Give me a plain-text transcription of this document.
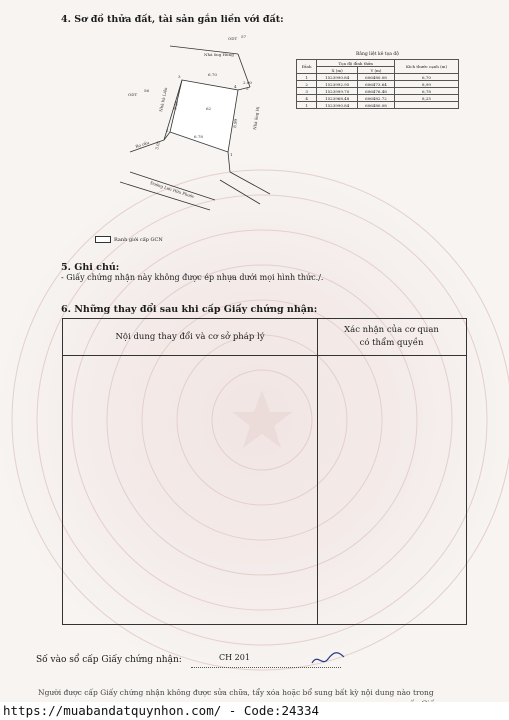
4. Sơ đồ thửa đất, tài sản gắn liền với đất:
ODT 57
Nhà ông Hùng
ODT
56 Nhà bà Liên
Nhà ông Hi
62
Rọ cầu
Đường Lưu Hữu Phước
6.70
8.99
6.78
8.25
2.00
3.05
4
3
2
1
5
Bảng liệt kê tọa độ
Đỉnh	Tọa độ đỉnh thửa		Kích thước cạnh (m)
	X (m)	Y (m)	
1	1523990.84	606480.08	6,70
2	1523992.95	606473.64	8,99
3	1523999.70	606476.48	6,78
4	1523968.48	606482.72	8,25
1	1523990.84	606480.08	
Ranh giới cấp GCN
5. Ghi chú:
- Giấy chứng nhận này không được ép nhựa dưới mọi hình thức./.
6. Những thay đổi sau khi cấp Giấy chứng nhận:
Nội dung thay đổi và cơ sở pháp lý
Xác nhận của cơ quan
có thẩm quyền
Số vào sổ cấp Giấy chứng nhận:	CH 201
Người được cấp Giấy chứng nhận không được sửa chữa, tẩy xóa hoặc bổ sung bất kỳ nội dung nào trong
https://muabandatquynhon.com/ - Code:24334
